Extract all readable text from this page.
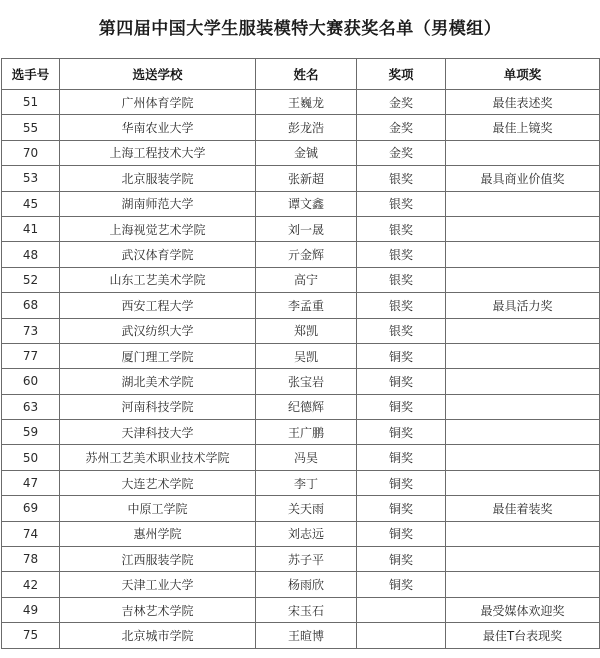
第四届中国大学生服装模特大赛获奖名单（男模组）
选手号	选送学校	姓名	奖项	单项奖
51	广州体育学院	王巍龙	金奖	最佳表述奖
55	华南农业大学	彭龙浩	金奖	最佳上镜奖
70	上海工程技术大学	金铖	金奖	
53	北京服装学院	张新超	银奖	最具商业价值奖
45	湖南师范大学	谭文鑫	银奖	
41	上海视觉艺术学院	刘一晟	银奖	
48	武汉体育学院	亓金辉	银奖	
52	山东工艺美术学院	高宁	银奖	
68	西安工程大学	李孟重	银奖	最具活力奖
73	武汉纺织大学	郑凯	银奖	
77	厦门理工学院	吴凯	铜奖	
60	湖北美术学院	张宝岩	铜奖	
63	河南科技学院	纪德辉	铜奖	
59	天津科技大学	王广鹏	铜奖	
50	苏州工艺美术职业技术学院	冯昊	铜奖	
47	大连艺术学院	李丁	铜奖	
69	中原工学院	关天雨	铜奖	最佳着装奖
74	惠州学院	刘志远	铜奖	
78	江西服装学院	苏子平	铜奖	
42	天津工业大学	杨雨欣	铜奖	
49	吉林艺术学院	宋玉石		最受媒体欢迎奖
75	北京城市学院	王暄博		最佳T台表现奖
